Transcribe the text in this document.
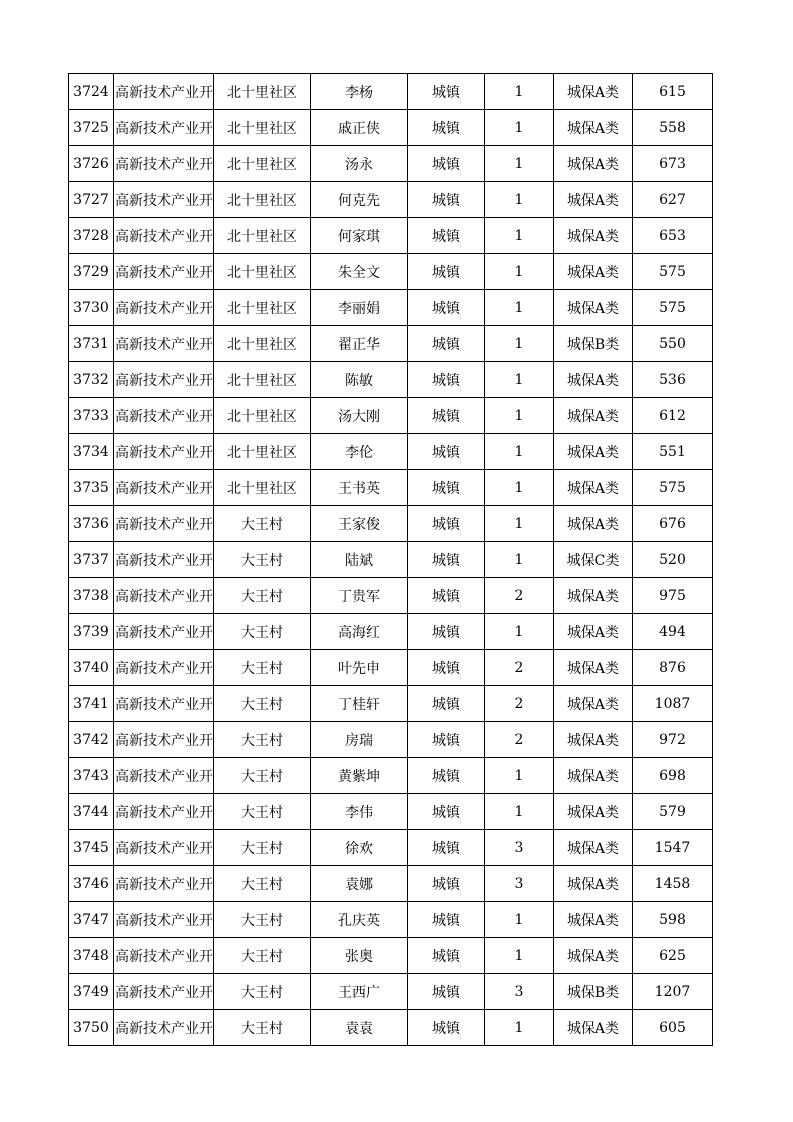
3724	高新技术产业开	北十里社区	李杨	城镇	1	城保A类	615
3725	高新技术产业开	北十里社区	戚正侠	城镇	1	城保A类	558
3726	高新技术产业开	北十里社区	汤永	城镇	1	城保A类	673
3727	高新技术产业开	北十里社区	何克先	城镇	1	城保A类	627
3728	高新技术产业开	北十里社区	何家琪	城镇	1	城保A类	653
3729	高新技术产业开	北十里社区	朱全文	城镇	1	城保A类	575
3730	高新技术产业开	北十里社区	李丽娟	城镇	1	城保A类	575
3731	高新技术产业开	北十里社区	翟正华	城镇	1	城保B类	550
3732	高新技术产业开	北十里社区	陈敏	城镇	1	城保A类	536
3733	高新技术产业开	北十里社区	汤大刚	城镇	1	城保A类	612
3734	高新技术产业开	北十里社区	李伦	城镇	1	城保A类	551
3735	高新技术产业开	北十里社区	王书英	城镇	1	城保A类	575
3736	高新技术产业开	大王村	王家俊	城镇	1	城保A类	676
3737	高新技术产业开	大王村	陆斌	城镇	1	城保C类	520
3738	高新技术产业开	大王村	丁贵军	城镇	2	城保A类	975
3739	高新技术产业开	大王村	高海红	城镇	1	城保A类	494
3740	高新技术产业开	大王村	叶先申	城镇	2	城保A类	876
3741	高新技术产业开	大王村	丁桂轩	城镇	2	城保A类	1087
3742	高新技术产业开	大王村	房瑞	城镇	2	城保A类	972
3743	高新技术产业开	大王村	黄紫坤	城镇	1	城保A类	698
3744	高新技术产业开	大王村	李伟	城镇	1	城保A类	579
3745	高新技术产业开	大王村	徐欢	城镇	3	城保A类	1547
3746	高新技术产业开	大王村	袁娜	城镇	3	城保A类	1458
3747	高新技术产业开	大王村	孔庆英	城镇	1	城保A类	598
3748	高新技术产业开	大王村	张奥	城镇	1	城保A类	625
3749	高新技术产业开	大王村	王西广	城镇	3	城保B类	1207
3750	高新技术产业开	大王村	袁袁	城镇	1	城保A类	605
